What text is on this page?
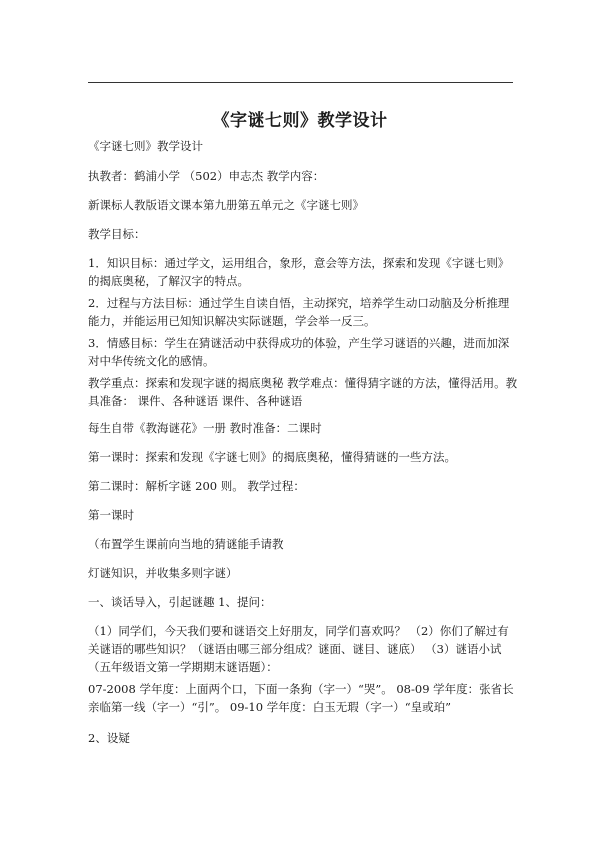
《字谜七则》教学设计

《字谜七则》教学设计

执教者：鹤浦小学 （502）申志杰 教学内容：

新课标人教版语文课本第九册第五单元之《字谜七则》

教学目标：

1．知识目标：通过学文，运用组合，象形，意会等方法，探索和发现《字谜七则》的揭底奥秘，了解汉字的特点。

2．过程与方法目标：通过学生自读自悟，主动探究，培养学生动口动脑及分析推理能力，并能运用已知知识解决实际谜题，学会举一反三。

3．情感目标：学生在猜谜活动中获得成功的体验，产生学习谜语的兴趣，进而加深对中华传统文化的感情。

教学重点：探索和发现字谜的揭底奥秘 教学难点：懂得猜字谜的方法，懂得活用。教具准备： 课件、各种谜语 课件、各种谜语

每生自带《教海谜花》一册 教时准备：二课时

第一课时：探索和发现《字谜七则》的揭底奥秘，懂得猜谜的一些方法。

第二课时：解析字谜 200 则。 教学过程：

第一课时

（布置学生课前向当地的猜谜能手请教

灯谜知识，并收集多则字谜）

一、谈话导入，引起谜趣 1、提问：

（1）同学们，今天我们要和谜语交上好朋友，同学们喜欢吗？ （2）你们了解过有关谜语的哪些知识？（谜语由哪三部分组成？谜面、谜目、谜底） （3）谜语小试（五年级语文第一学期期末谜语题）：

07-2008 学年度：上面两个口，下面一条狗（字一）“哭”。 08-09 学年度：张省长亲临第一线（字一）“引”。 09-10 学年度：白玉无瑕（字一）“皇或珀”

2、设疑
